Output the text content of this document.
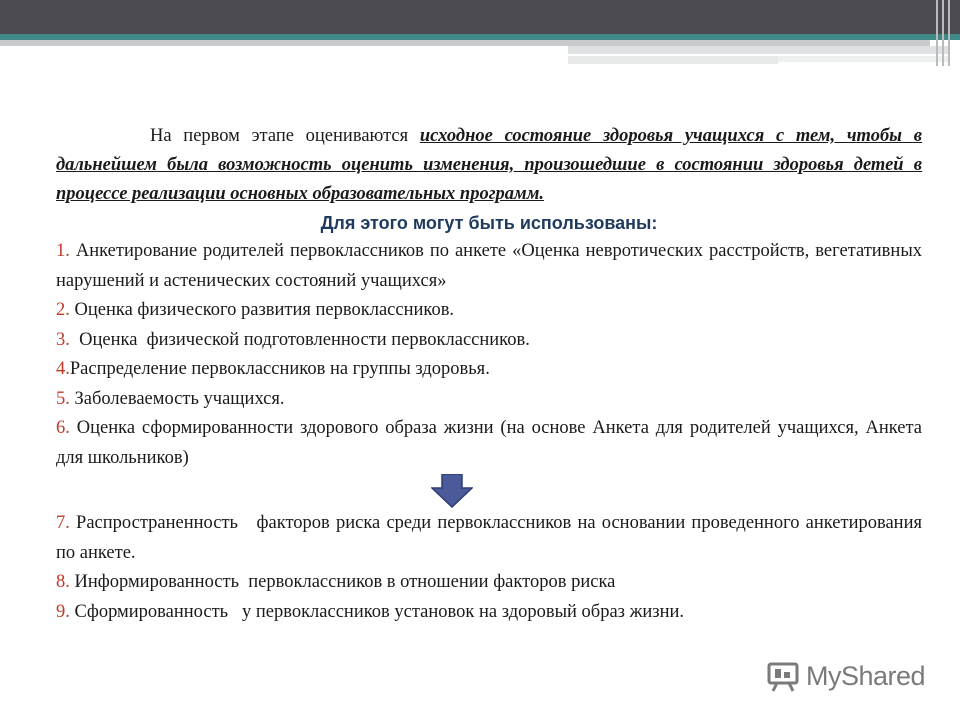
На первом этапе оцениваются исходное состояние здоровья учащихся с тем, чтобы в дальнейшем была возможность оценить изменения, произошедшие в состоянии здоровья детей в процессе реализации основных образовательных программ.

Для этого могут быть использованы:

1. Анкетирование родителей первоклассников по анкете «Оценка невротических расстройств, вегетативных нарушений и астенических состояний учащихся»

2. Оценка физического развития первоклассников.

3.  Оценка  физической подготовленности первоклассников.

4.Распределение первоклассников на группы здоровья.

5. Заболеваемость учащихся.

6. Оценка сформированности здорового образа жизни (на основе Анкета для родителей учащихся, Анкета для школьников)

7. Распространенность   факторов риска среди первоклассников на основании проведенного анкетирования по анкете.

8. Информированность  первоклассников в отношении факторов риска

9. Сформированность   у первоклассников установок на здоровый образ жизни.

MyShared
